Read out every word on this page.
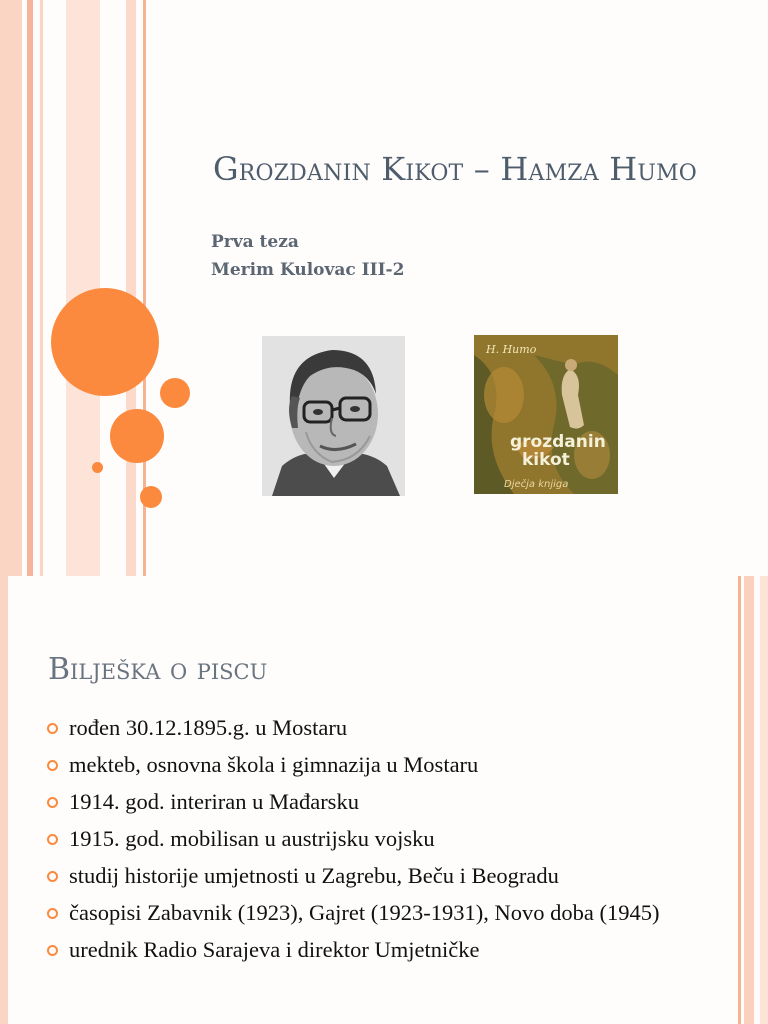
Grozdanin Kikot – Hamza Humo
Prva teza
Merim Kulovac III-2
H. Humo
grozdanin
kikot
Dječja knjiga
Bilješka o piscu
rođen 30.12.1895.g. u Mostaru
mekteb, osnovna škola i gimnazija u Mostaru
1914. god. interiran u Mađarsku
1915. god. mobilisan u austrijsku vojsku
studij historije umjetnosti u Zagrebu, Beču i Beogradu
časopisi Zabavnik (1923), Gajret (1923-1931), Novo doba (1945)
urednik Radio Sarajeva i direktor Umjetničke
